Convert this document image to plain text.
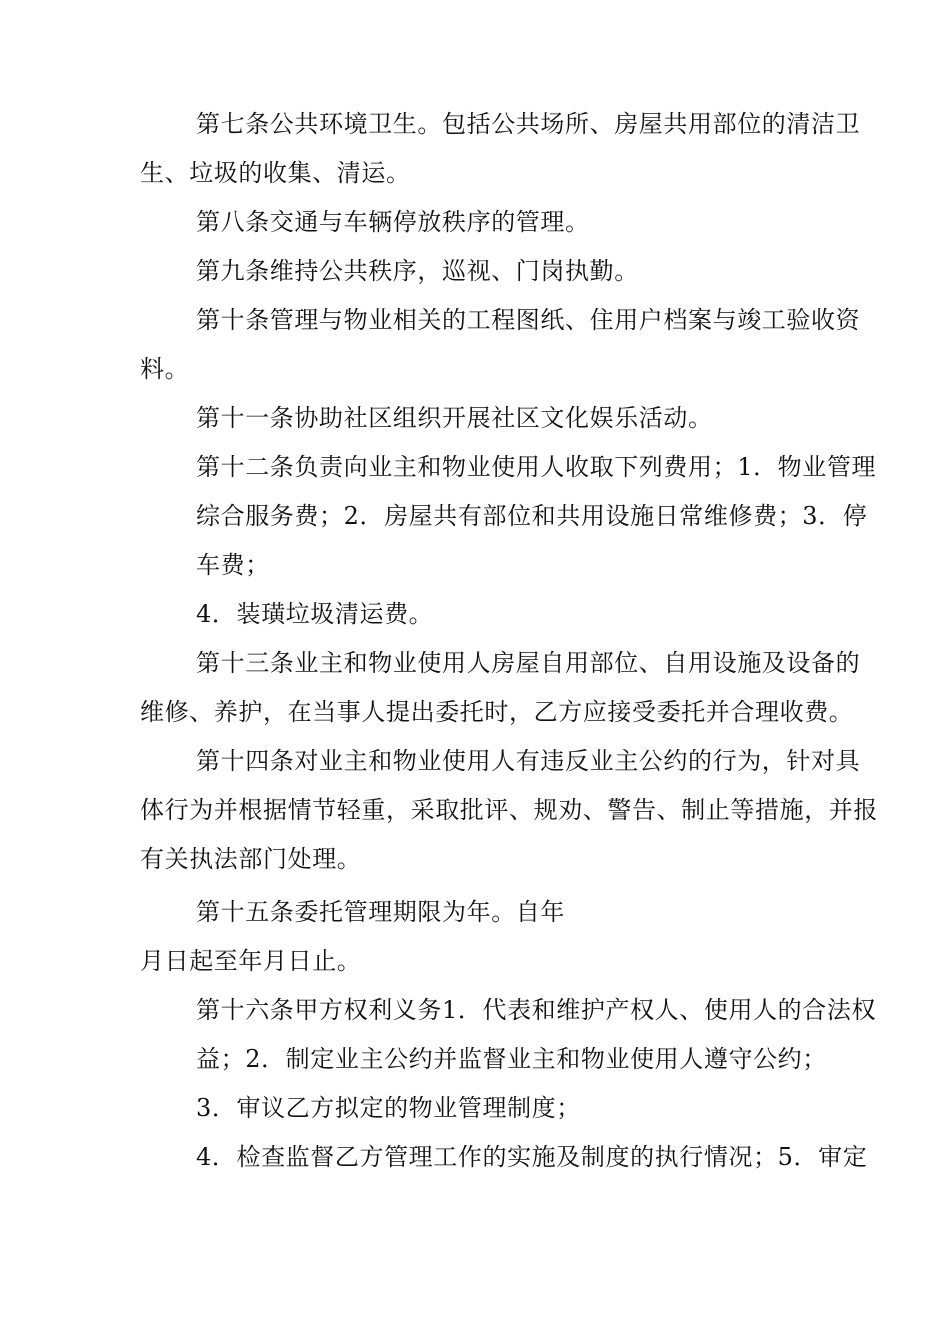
第七条公共环境卫生。包括公共场所、房屋共用部位的清洁卫
生、垃圾的收集、清运。
第八条交通与车辆停放秩序的管理。
第九条维持公共秩序，巡视、门岗执勤。
第十条管理与物业相关的工程图纸、住用户档案与竣工验收资
料。
第十一条协助社区组织开展社区文化娱乐活动。
第十二条负责向业主和物业使用人收取下列费用；1．物业管理
综合服务费；2．房屋共有部位和共用设施日常维修费；3．停
车费；
4．装璜垃圾清运费。
第十三条业主和物业使用人房屋自用部位、自用设施及设备的
维修、养护，在当事人提出委托时，乙方应接受委托并合理收费。
第十四条对业主和物业使用人有违反业主公约的行为，针对具
体行为并根据情节轻重，采取批评、规劝、警告、制止等措施，并报
有关执法部门处理。
第十五条委托管理期限为年。自年
月日起至年月日止。
第十六条甲方权利义务1．代表和维护产权人、使用人的合法权
益；2．制定业主公约并监督业主和物业使用人遵守公约；
3．审议乙方拟定的物业管理制度；
4．检查监督乙方管理工作的实施及制度的执行情况；5．审定
